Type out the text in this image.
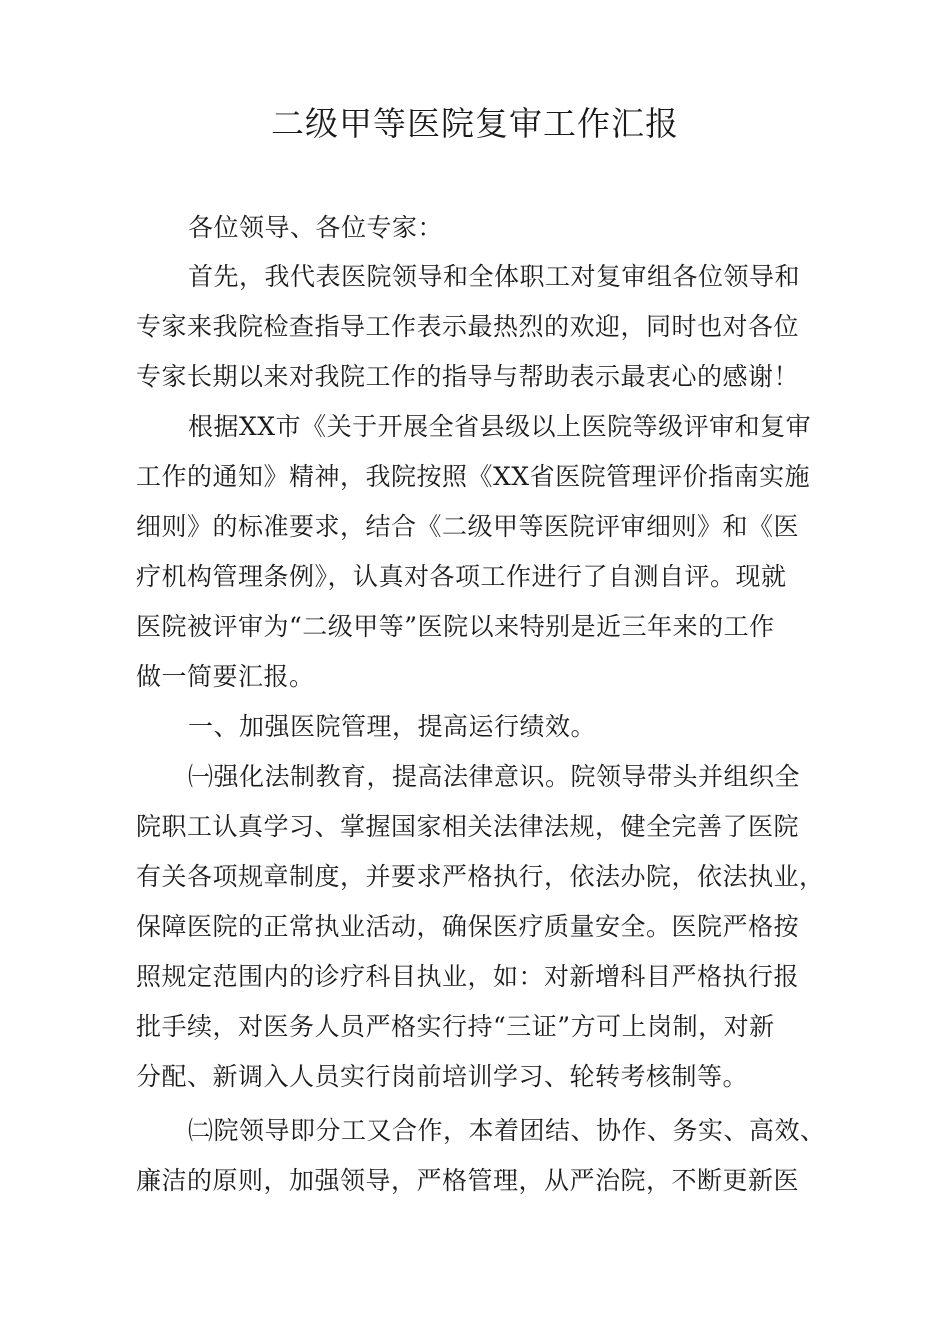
二级甲等医院复审工作汇报
各位领导、各位专家：
首先，我代表医院领导和全体职工对复审组各位领导和
专家来我院检查指导工作表示最热烈的欢迎，同时也对各位
专家长期以来对我院工作的指导与帮助表示最衷心的感谢！
根据XX市《关于开展全省县级以上医院等级评审和复审
工作的通知》精神，我院按照《XX省医院管理评价指南实施
细则》的标准要求，结合《二级甲等医院评审细则》和《医
疗机构管理条例》，认真对各项工作进行了自测自评。现就
医院被评审为“二级甲等”医院以来特别是近三年来的工作
做一简要汇报。
一、加强医院管理，提高运行绩效。
㈠强化法制教育，提高法律意识。院领导带头并组织全
院职工认真学习、掌握国家相关法律法规，健全完善了医院
有关各项规章制度，并要求严格执行，依法办院，依法执业，
保障医院的正常执业活动，确保医疗质量安全。医院严格按
照规定范围内的诊疗科目执业，如：对新增科目严格执行报
批手续，对医务人员严格实行持“三证”方可上岗制，对新
分配、新调入人员实行岗前培训学习、轮转考核制等。
㈡院领导即分工又合作，本着团结、协作、务实、高效、
廉洁的原则，加强领导，严格管理，从严治院，不断更新医
